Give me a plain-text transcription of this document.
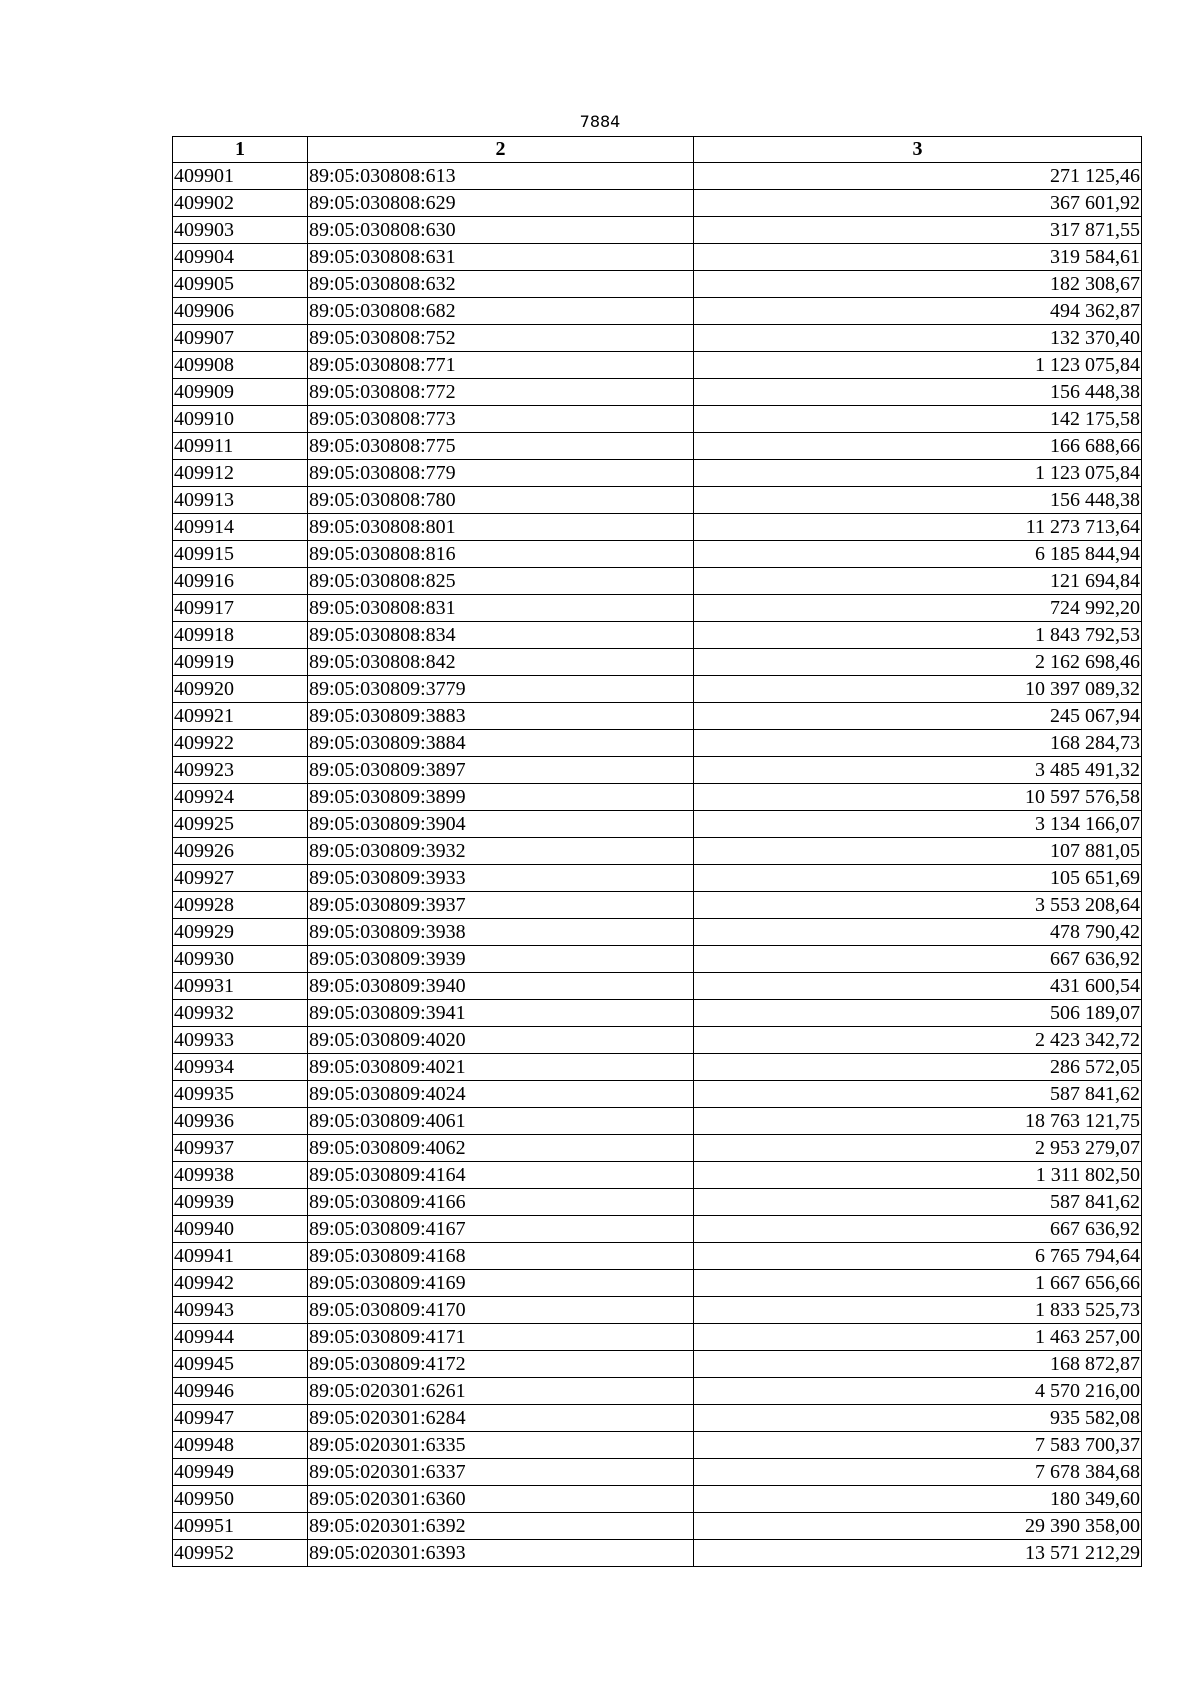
7884
1	2	3
409901	89:05:030808:613	271 125,46
409902	89:05:030808:629	367 601,92
409903	89:05:030808:630	317 871,55
409904	89:05:030808:631	319 584,61
409905	89:05:030808:632	182 308,67
409906	89:05:030808:682	494 362,87
409907	89:05:030808:752	132 370,40
409908	89:05:030808:771	1 123 075,84
409909	89:05:030808:772	156 448,38
409910	89:05:030808:773	142 175,58
409911	89:05:030808:775	166 688,66
409912	89:05:030808:779	1 123 075,84
409913	89:05:030808:780	156 448,38
409914	89:05:030808:801	11 273 713,64
409915	89:05:030808:816	6 185 844,94
409916	89:05:030808:825	121 694,84
409917	89:05:030808:831	724 992,20
409918	89:05:030808:834	1 843 792,53
409919	89:05:030808:842	2 162 698,46
409920	89:05:030809:3779	10 397 089,32
409921	89:05:030809:3883	245 067,94
409922	89:05:030809:3884	168 284,73
409923	89:05:030809:3897	3 485 491,32
409924	89:05:030809:3899	10 597 576,58
409925	89:05:030809:3904	3 134 166,07
409926	89:05:030809:3932	107 881,05
409927	89:05:030809:3933	105 651,69
409928	89:05:030809:3937	3 553 208,64
409929	89:05:030809:3938	478 790,42
409930	89:05:030809:3939	667 636,92
409931	89:05:030809:3940	431 600,54
409932	89:05:030809:3941	506 189,07
409933	89:05:030809:4020	2 423 342,72
409934	89:05:030809:4021	286 572,05
409935	89:05:030809:4024	587 841,62
409936	89:05:030809:4061	18 763 121,75
409937	89:05:030809:4062	2 953 279,07
409938	89:05:030809:4164	1 311 802,50
409939	89:05:030809:4166	587 841,62
409940	89:05:030809:4167	667 636,92
409941	89:05:030809:4168	6 765 794,64
409942	89:05:030809:4169	1 667 656,66
409943	89:05:030809:4170	1 833 525,73
409944	89:05:030809:4171	1 463 257,00
409945	89:05:030809:4172	168 872,87
409946	89:05:020301:6261	4 570 216,00
409947	89:05:020301:6284	935 582,08
409948	89:05:020301:6335	7 583 700,37
409949	89:05:020301:6337	7 678 384,68
409950	89:05:020301:6360	180 349,60
409951	89:05:020301:6392	29 390 358,00
409952	89:05:020301:6393	13 571 212,29
